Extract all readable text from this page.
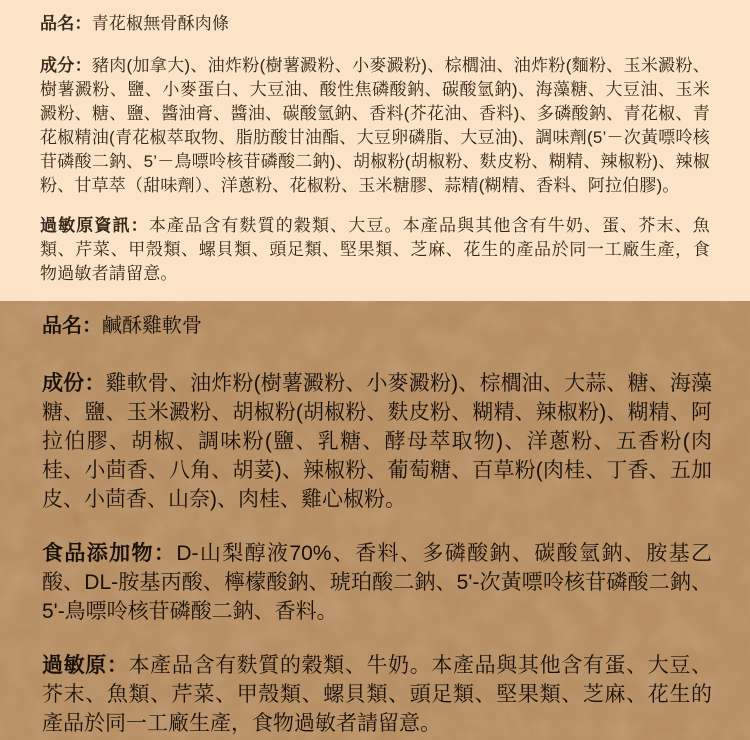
品名：青花椒無骨酥肉條

成分：豬肉(加拿大)、油炸粉(樹薯澱粉、小麥澱粉)、棕櫚油、油炸粉(麵粉、玉米澱粉、樹薯澱粉、鹽、小麥蛋白、大豆油、酸性焦磷酸鈉、碳酸氫鈉)、海藻糖、大豆油、玉米澱粉、糖、鹽、醬油膏、醬油、碳酸氫鈉、香料(芥花油、香料)、多磷酸鈉、青花椒、青花椒精油(青花椒萃取物、脂肪酸甘油酯、大豆卵磷脂、大豆油)、調味劑(5’－次黃嘌呤核苷磷酸二鈉、5’－鳥嘌呤核苷磷酸二鈉)、胡椒粉(胡椒粉、麩皮粉、糊精、辣椒粉)、辣椒粉、甘草萃（甜味劑）、洋蔥粉、花椒粉、玉米糖膠、蒜精(糊精、香料、阿拉伯膠)。

過敏原資訊：本產品含有麩質的穀類、大豆。本產品與其他含有牛奶、蛋、芥末、魚類、芹菜、甲殼類、螺貝類、頭足類、堅果類、芝麻、花生的產品於同一工廠生產，食物過敏者請留意。

品名：鹹酥雞軟骨

成份：雞軟骨、油炸粉(樹薯澱粉、小麥澱粉)、棕櫚油、大蒜、糖、海藻糖、鹽、玉米澱粉、胡椒粉(胡椒粉、麩皮粉、糊精、辣椒粉)、糊精、阿拉伯膠、胡椒、調味粉(鹽、乳糖、酵母萃取物)、洋蔥粉、五香粉(肉桂、小茴香、八角、胡荽)、辣椒粉、葡萄糖、百草粉(肉桂、丁香、五加皮、小茴香、山奈)、肉桂、雞心椒粉。

食品添加物：D-山梨醇液70%、香料、多磷酸鈉、碳酸氫鈉、胺基乙酸、DL-胺基丙酸、檸檬酸鈉、琥珀酸二鈉、5'-次黃嘌呤核苷磷酸二鈉、5'-鳥嘌呤核苷磷酸二鈉、香料。

過敏原：本產品含有麩質的穀類、牛奶。本產品與其他含有蛋、大豆、芥末、魚類、芹菜、甲殼類、螺貝類、頭足類、堅果類、芝麻、花生的產品於同一工廠生產，食物過敏者請留意。
